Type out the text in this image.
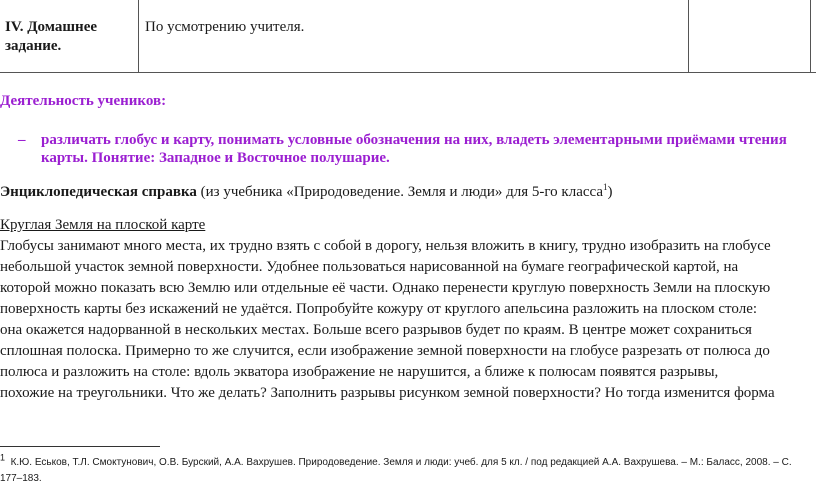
IV. Домашнее
задание.
По усмотрению учителя.
Деятельность учеников:
– различать глобус и карту, понимать условные обозначения на них, владеть элементарными приёмами чтения
карты. Понятие: Западное и Восточное полушарие.
Энциклопедическая справка (из учебника «Природоведение. Земля и люди» для 5-го класса$^1$)
Круглая Земля на плоской карте
Глобусы занимают много места, их трудно взять с собой в дорогу, нельзя вложить в книгу, трудно изобразить на глобусе
небольшой участок земной поверхности. Удобнее пользоваться нарисованной на бумаге географической картой, на
которой можно показать всю Землю или отдельные её части. Однако перенести круглую поверхность Земли на плоскую
поверхность карты без искажений не удаётся. Попробуйте кожуру от круглого апельсина разложить на плоском столе:
она окажется надорванной в нескольких местах. Больше всего разрывов будет по краям. В центре может сохраниться
сплошная полоска. Примерно то же случится, если изображение земной поверхности на глобусе разрезать от полюса до
полюса и разложить на столе: вдоль экватора изображение не нарушится, а ближе к полюсам появятся разрывы,
похожие на треугольники. Что же делать? Заполнить разрывы рисунком земной поверхности? Но тогда изменится форма
$^1$ К.Ю. Еськов, Т.Л. Смоктунович, О.В. Бурский, А.А. Вахрушев. Природоведение. Земля и люди: учеб. для 5 кл. / под редакцией А.А. Вахрушева. – М.: Баласс, 2008. – С.
177–183.
